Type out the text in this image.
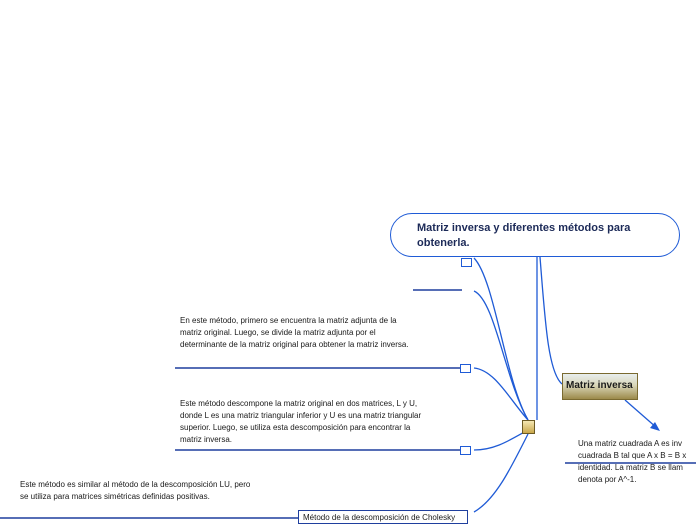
Matriz inversa y diferentes métodos para obtenerla.
Matriz inversa
Una matriz cuadrada A es inv cuadrada B tal que A x B = B x identidad. La matriz B se llam denota por A^-1.
En este método, primero se encuentra la matriz adjunta de la matriz original. Luego, se divide la matriz adjunta por el determinante de la matriz original para obtener la matriz inversa.
Este método descompone la matriz original en dos matrices, L y U, donde L es una matriz triangular inferior y U es una matriz triangular superior. Luego, se utiliza esta descomposición para encontrar la matriz inversa.
Este método es similar al método de la descomposición LU, pero se utiliza para matrices simétricas definidas positivas.
Método de la descomposición de Cholesky
